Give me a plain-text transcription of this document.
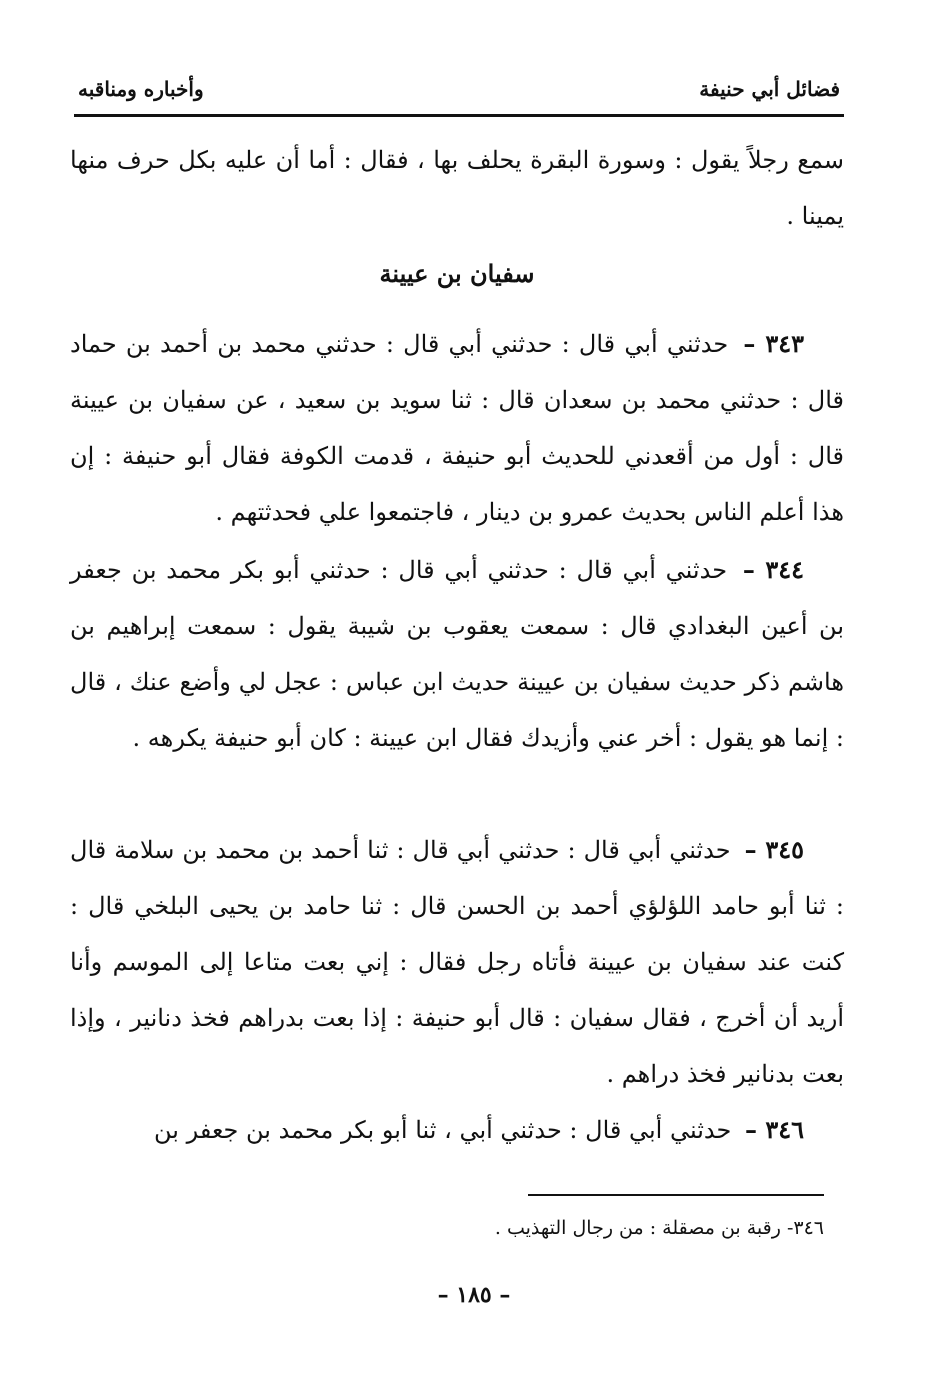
فضائل أبي حنيفة
وأخباره ومناقبه

سمع رجلاً يقول : وسورة البقرة يحلف بها ، فقال : أما أن عليه بكل حرف منها يمينا .

سفيان بن عيينة

٣٤٣ – حدثني أبي قال : حدثني أبي قال : حدثني محمد بن أحمد بن حماد قال : حدثني محمد بن سعدان قال : ثنا سويد بن سعيد ، عن سفيان بن عيينة قال : أول من أقعدني للحديث أبو حنيفة ، قدمت الكوفة فقال أبو حنيفة : إن هذا أعلم الناس بحديث عمرو بن دينار ، فاجتمعوا علي فحدثتهم .

٣٤٤ – حدثني أبي قال : حدثني أبي قال : حدثني أبو بكر محمد بن جعفر بن أعين البغدادي قال : سمعت يعقوب بن شيبة يقول : سمعت إبراهيم بن هاشم ذكر حديث سفيان بن عيينة حديث ابن عباس : عجل لي وأضع عنك ، قال : إنما هو يقول : أخر عني وأزيدك فقال ابن عيينة : كان أبو حنيفة يكرهه .

٣٤٥ – حدثني أبي قال : حدثني أبي قال : ثنا أحمد بن محمد بن سلامة قال : ثنا أبو حامد اللؤلؤي أحمد بن الحسن قال : ثنا حامد بن يحيى البلخي قال : كنت عند سفيان بن عيينة فأتاه رجل فقال : إني بعت متاعا إلى الموسم وأنا أريد أن أخرج ، فقال سفيان : قال أبو حنيفة : إذا بعت بدراهم فخذ دنانير ، وإذا بعت بدنانير فخذ دراهم .

٣٤٦ – حدثني أبي قال : حدثني أبي ، ثنا أبو بكر محمد بن جعفر بن

٣٤٦- رقبة بن مصقلة : من رجال التهذيب .
– ١٨٥ –
